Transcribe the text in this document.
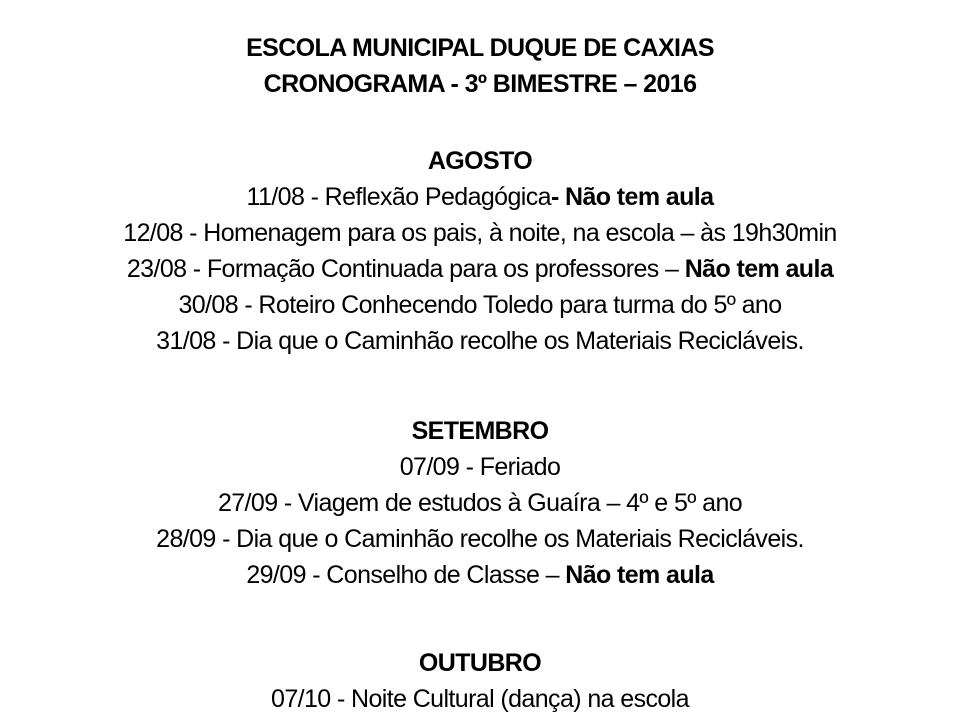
ESCOLA MUNICIPAL DUQUE DE CAXIAS
CRONOGRAMA - 3º BIMESTRE – 2016
AGOSTO
11/08 - Reflexão Pedagógica- Não tem aula
12/08 - Homenagem para os pais, à noite, na escola – às 19h30min
23/08 - Formação Continuada para os professores – Não tem aula
30/08 - Roteiro Conhecendo Toledo para turma do 5º ano
31/08 - Dia que o Caminhão recolhe os Materiais Recicláveis.
SETEMBRO
07/09 - Feriado
27/09 - Viagem de estudos à Guaíra – 4º e 5º ano
28/09 - Dia que o Caminhão recolhe os Materiais Recicláveis.
29/09 - Conselho de Classe – Não tem aula
OUTUBRO
07/10 - Noite Cultural (dança) na escola
